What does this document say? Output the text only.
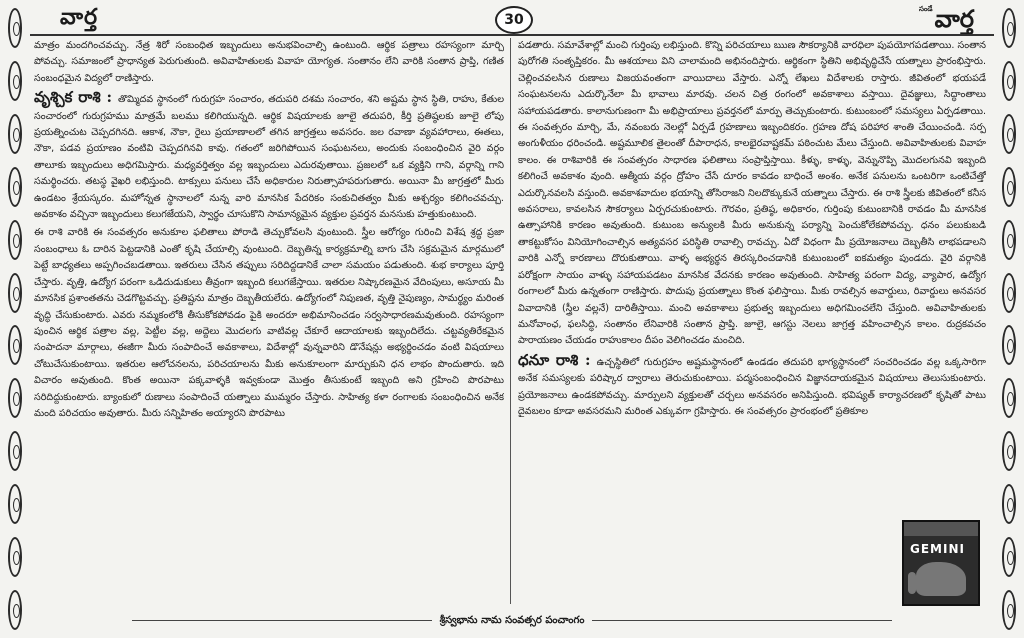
వార్త	30
$^{సండే}$వార్త

మాత్రం మందగించవచ్చు. నేత్ర శిరో సంబంధిత ఇబ్బందులు అనుభవించాల్సి ఉంటుంది. ఆర్థిక పత్రాలు రహస్యంగా మార్చి పోవచ్చు. సమాజంలో ప్రాధాన్యత పెరుగుతుంది. అవివాహితులకు వివాహ యోగ్యత. సంతానం లేని వారికి సంతాన ప్రాప్తి, గణిత సంబంధమైన విద్యలో రాణిస్తారు.

వృశ్చిక రాశి : తొమ్మిదవ స్థానంలో గురుగ్రహ సంచారం, తదుపరి దశమ సంచారం, శని అష్టమ స్థాన స్థితి, రాహు, కేతుల సంచారంలో గురుగ్రహము మాత్రమే బలము కలిగియున్నది. ఆర్థిక విషయాలకు జూలై తదుపరి, కీర్తి ప్రతిష్ఠలకు జూలై లోపు ప్రయత్నించుట చెప్పదగినది. ఆకాశ, నౌకా, రైలు ప్రయాణాలలో తగిన జాగ్రత్తలు అవసరం. జల రవాణా వ్యవహారాలు, ఈతలు, నౌకా, పడవ ప్రయాణం వంటివి చెప్పదగినవి కావు. గతంలో జరిగిపోయిన సంఘటనలు, అందుకు సంబంధించిన వైరి వర్గం తాలూకు ఇబ్బందులు అధిగమిస్తారు. మధ్యవర్తిత్వం వల్ల ఇబ్బందులు ఎదురవుతాయి. ప్రజలలో ఒక వ్యక్తిని గాని, వర్గాన్ని గాని సమర్థించరు. తటస్థ వైఖరి లభిస్తుంది. టాక్సులు పనులు చేసే అధికారుల నిరుత్సాహపరుగుతారు. అయినా మీ జాగ్రత్తలో మీరు ఉండటం శ్రేయస్కరం. మహోన్నత స్థానాలలో నున్న వారి మానసిక పేదరికం సంకుచితత్వం మీకు ఆశ్చర్యం కలిగించవచ్చు. అవకాశం వచ్చినా ఇబ్బందులు కలుగజేయని, స్వార్థం చూసుకొని సామాన్యమైన వ్యక్తుల ప్రవర్తన మనసుకు హత్తుకుంటుంది.

ఈ రాశి వారికి ఈ సంవత్సరం అనుకూల ఫలితాలు పోరాడి తెచ్చుకోవలసి వుంటుంది. స్త్రీల ఆరోగ్యం గురించి విశేష శ్రద్ధ ప్రజా సంబంధాలు ఓ దారిన పెట్టడానికి ఎంతో కృషి చేయాల్సి వుంటుంది. దెబ్బతిన్న కార్యక్రమాల్ని బాగు చేసి సక్రమమైన మార్గములో పెట్టే బాధ్యతలు అప్పగించబడతాయి. ఇతరులు చేసిన తప్పులు సరిదిద్దడానికే చాలా సమయం పడుతుంది. శుభ కార్యాలు పూర్తి చేస్తారు. వృత్తి, ఉద్యోగ పరంగా ఒడిదుడుకులు తీవ్రంగా ఇబ్బంది కలుగజేస్తాయి. ఇతరుల నిష్కారణమైన వేదింపులు, అసూయ మీ మానసిక ప్రశాంతతను చెడగొట్టవచ్చు. ప్రతిష్టను మాత్రం దెబ్బతీయలేరు. ఉద్యోగంలో నిపుణత, వృత్తి నైపుణ్యం, సామర్థ్యం మరింత వృద్ధి చేసుకుంటారు. ఎవరు నమ్మకంలోకి తీసుకోకపోవడం పైకి అందరూ అభిమానించడం సర్వసాధారణమవుతుంది. రహస్యంగా పుంచిన ఆర్థిక పత్రాల వల్ల, పెట్టీల వల్ల, అద్దెలు మొదలగు వాటివల్ల చేకూరే ఆదాయాలకు ఇబ్బందిలేదు. చట్టవ్యతిరేకమైన సంపాదనా మార్గాలు, ఈజీగా మీరు సంపాదించే అవకాశాలు, విదేశాల్లో వున్నవారిని డొనేషన్లు అభ్యర్థించడం వంటి విషయాలు చోటుచేసుకుంటాయి. ఇతరుల ఆలోచనలను, పరిచయాలను మీకు అనుకూలంగా మార్చుకుని ధన లాభం పొందుతారు. ఇది విచారం అవుతుంది. కొంత అయినా పక్కవాళ్ళకి ఇవ్వకుండా మొత్తం తీసుకుంటే ఇబ్బంది అని గ్రహించి పొరపాటు సరిదిద్దుకుంటారు. బ్యాంకులో రుణాలు సంపాదించే యత్నాలు ముమ్మరం చేస్తారు. సాహిత్య కళా రంగాలకు సంబంధించిన అనేక మంది పరిచయం అవుతారు. మీరు సన్నిహితం అయ్యారని పొరపాటు

పడతారు. సమావేశాల్లో మంచి గుర్తింపు లభిస్తుంది. కొన్ని పరిచయాలు ఋణ సౌకర్యానికి వారధిలా పుపయోగపడతాయి. సంతాన పురోగతి సంతృప్తికరం. మీ ఆశయాలు విని చాలామంది అభినందిస్తారు. ఆర్థికంగా స్థితిని అభివృద్ధిచేసే యత్నాలు ప్రారంభిస్తారు. చెల్లించవలసిన రుణాలు విజయవంతంగా వాయిదాలు వేస్తారు. ఎన్నో లేఖలు విదేశాలకు రాస్తారు. జీవితంలో భయపడే సంఘటనలను ఎదుర్కొనేలా మీ భావాలు మారవు. చలన చిత్ర రంగంలో అవకాశాలు వస్తాయి. దైవజ్ఞులు, సిద్ధాంతాలు సహాయపడతారు. కాలానుగుణంగా మీ అభిప్రాయాలు ప్రవర్తనలో మార్పు తెచ్చుకుంటారు. కుటుంబంలో సమస్యలు ఏర్పడతాయి. ఈ సంవత్సరం మార్చి, మే, నవంబరు నెలల్లో ఏర్పడే గ్రహణాలు ఇబ్బందికరం. గ్రహణ దోష పరిహార శాంతి చేయించండి. సర్ప అంగుళీయం ధరించండి. అష్టమూలిక తైలంతో దీపారాధన, కాలభైరవాష్టకమ్ పఠించుట మేలు చేస్తుంది. అవివాహితులకు వివాహ కాలం. ఈ రాశివారికి ఈ సంవత్సరం సాధారణ ఫలితాలు సంప్రాప్తిస్తాయి. కీళ్ళు, కాళ్ళు, వెన్నునొప్పి మొదలగునవి ఇబ్బంది కలిగించే అవకాశం వుంది. ఆత్మీయ వర్గం ద్రోహం చేసే దూరం కావడం బాధించే అంశం. అనేక పనులను ఒంటరిగా ఒంటిచేత్తో ఎదుర్కొనవలసి వస్తుంది. అవకాశవాదుల భయాన్ని తోసిరాజని నిలదొక్కుకునే యత్నాలు చేస్తారు. ఈ రాశి స్త్రీలకు జీవితంలో కనీస అవసరాలు, కావలసిన సౌకర్యాలు ఏర్పరచుకుంటారు. గౌరవం, ప్రతిష్ఠ, అధికారం, గుర్తింపు కుటుంబానికి రావడం మీ మానసిక ఉత్సాహానికి కారణం అవుతుంది. కుటుంబ అన్యులకి మీరు అనుకున్న పర్యాన్ని పెంచుకోలేకపోవచ్చు. ధనం పలుకుబడి తాకట్టుకోసం వినియోగించాల్సిన అత్యవసర పరిస్థితి రావాల్సి రావచ్చు. ఏదో విధంగా మీ ప్రయోజనాలు దెబ్బతీసి లాభపడాలని వారికి ఎన్నో కారణాలు దొరుకుతాయి. వాళ్ళ అభ్యర్థన తిరస్కరించడానికి కుటుంబంలో ఐకమత్యం పుండదు. వైరి వర్గానికి పరోక్షంగా సాయం వాళ్ళు సహాయపడటం మానసిక వేదనకు కారణం అవుతుంది. సాహిత్య పరంగా విద్య, వ్యాపార, ఉద్యోగ రంగాలలో మీరు ఉన్నతంగా రాణిస్తారు. పొదుపు ప్రయత్నాలు కొంత ఫలిస్తాయి. మీకు రావల్సిన అవార్డులు, రివార్డులు అనవసర వివాదానికి (స్త్రీల వల్లనే) దారితీస్తాయి. మంచి అవకాశాలు ప్రభుత్వ ఇబ్బందులు అధిగమించలేని చేస్తుంది. అవివాహితులకు మనోవాంఛ, ఫలసిద్ధి, సంతానం లేనివారికి సంతాన ప్రాప్తి. జూలై, ఆగస్టు నెలలు జాగ్రత్త వహించాల్సిన కాలం. రుద్రకవచం పారాయణం చేయడం రాహుకాలం దీపం వెలిగించడం మంచిది.

ధనూ రాశి : ఉచ్చస్థితిలో గురుగ్రహం అష్టమస్థానంలో ఉండడం తదుపరి భాగ్యస్థానంలో సంచరించడం వల్ల ఒక్కసారిగా అనేక సమస్యలకు పరిష్కార ద్వారాలు తెరుచుకుంటాయి. పద్మసంబంధించిన విజ్ఞానదాయకమైన విషయాలు తెలుసుకుంటారు. ప్రయోజనాలు ఉండకపోవచ్చు. మార్పులని వ్యక్తులతో చర్చలు అనవసరం అనిపిస్తుంది. భవిష్యత్ కార్యాచరణలో కృషితో పాటు దైవబలం కూడా అవసరమని మరింత ఎక్కువగా గ్రహిస్తారు. ఈ సంవత్సరం ప్రారంభంలో ప్రతికూల

GEMINI
శ్రీస్వభాను నామ సంవత్సర పంచాంగం
